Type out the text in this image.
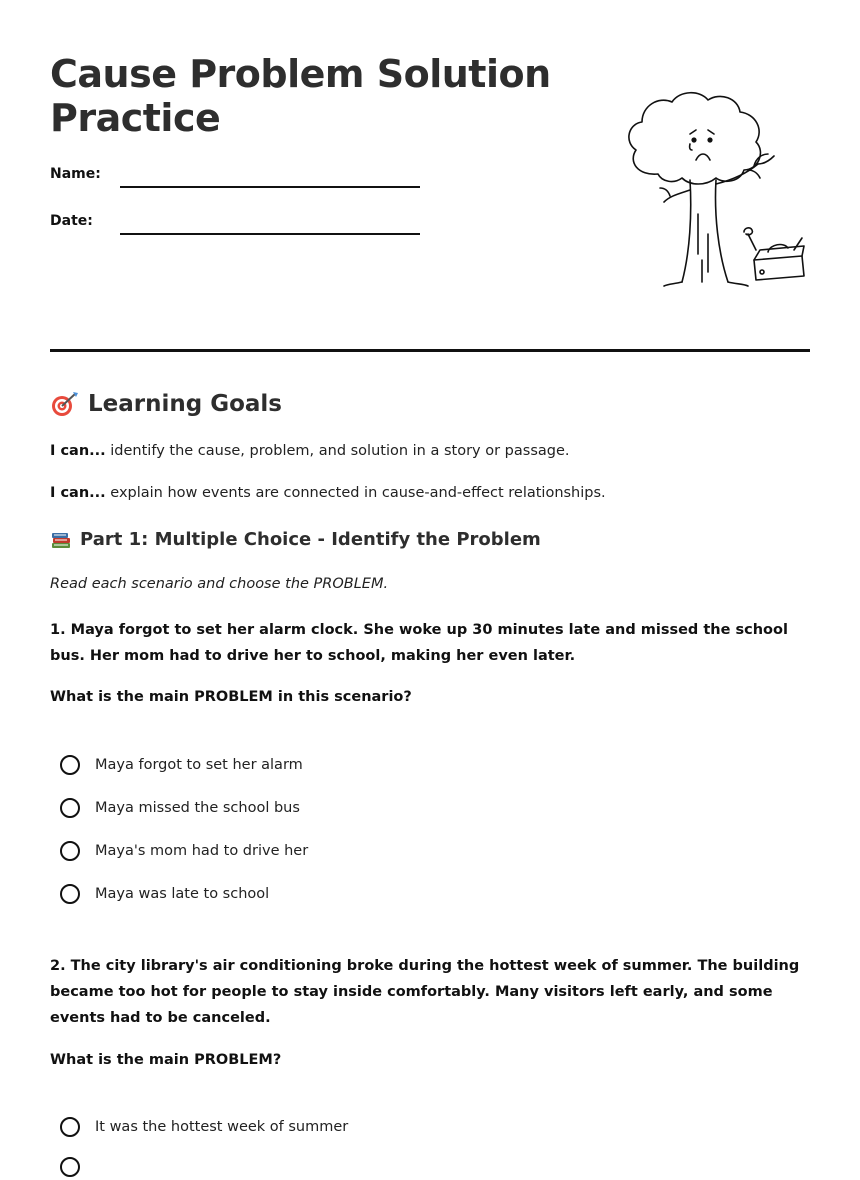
Cause Problem Solution Practice
Name:
Date:
Learning Goals
I can... identify the cause, problem, and solution in a story or passage.
I can... explain how events are connected in cause-and-effect relationships.
Part 1: Multiple Choice - Identify the Problem
Read each scenario and choose the PROBLEM.
1. Maya forgot to set her alarm clock. She woke up 30 minutes late and missed the school bus. Her mom had to drive her to school, making her even later.
What is the main PROBLEM in this scenario?
Maya forgot to set her alarm
Maya missed the school bus
Maya's mom had to drive her
Maya was late to school
2. The city library's air conditioning broke during the hottest week of summer. The building became too hot for people to stay inside comfortably. Many visitors left early, and some events had to be canceled.
What is the main PROBLEM?
It was the hottest week of summer
